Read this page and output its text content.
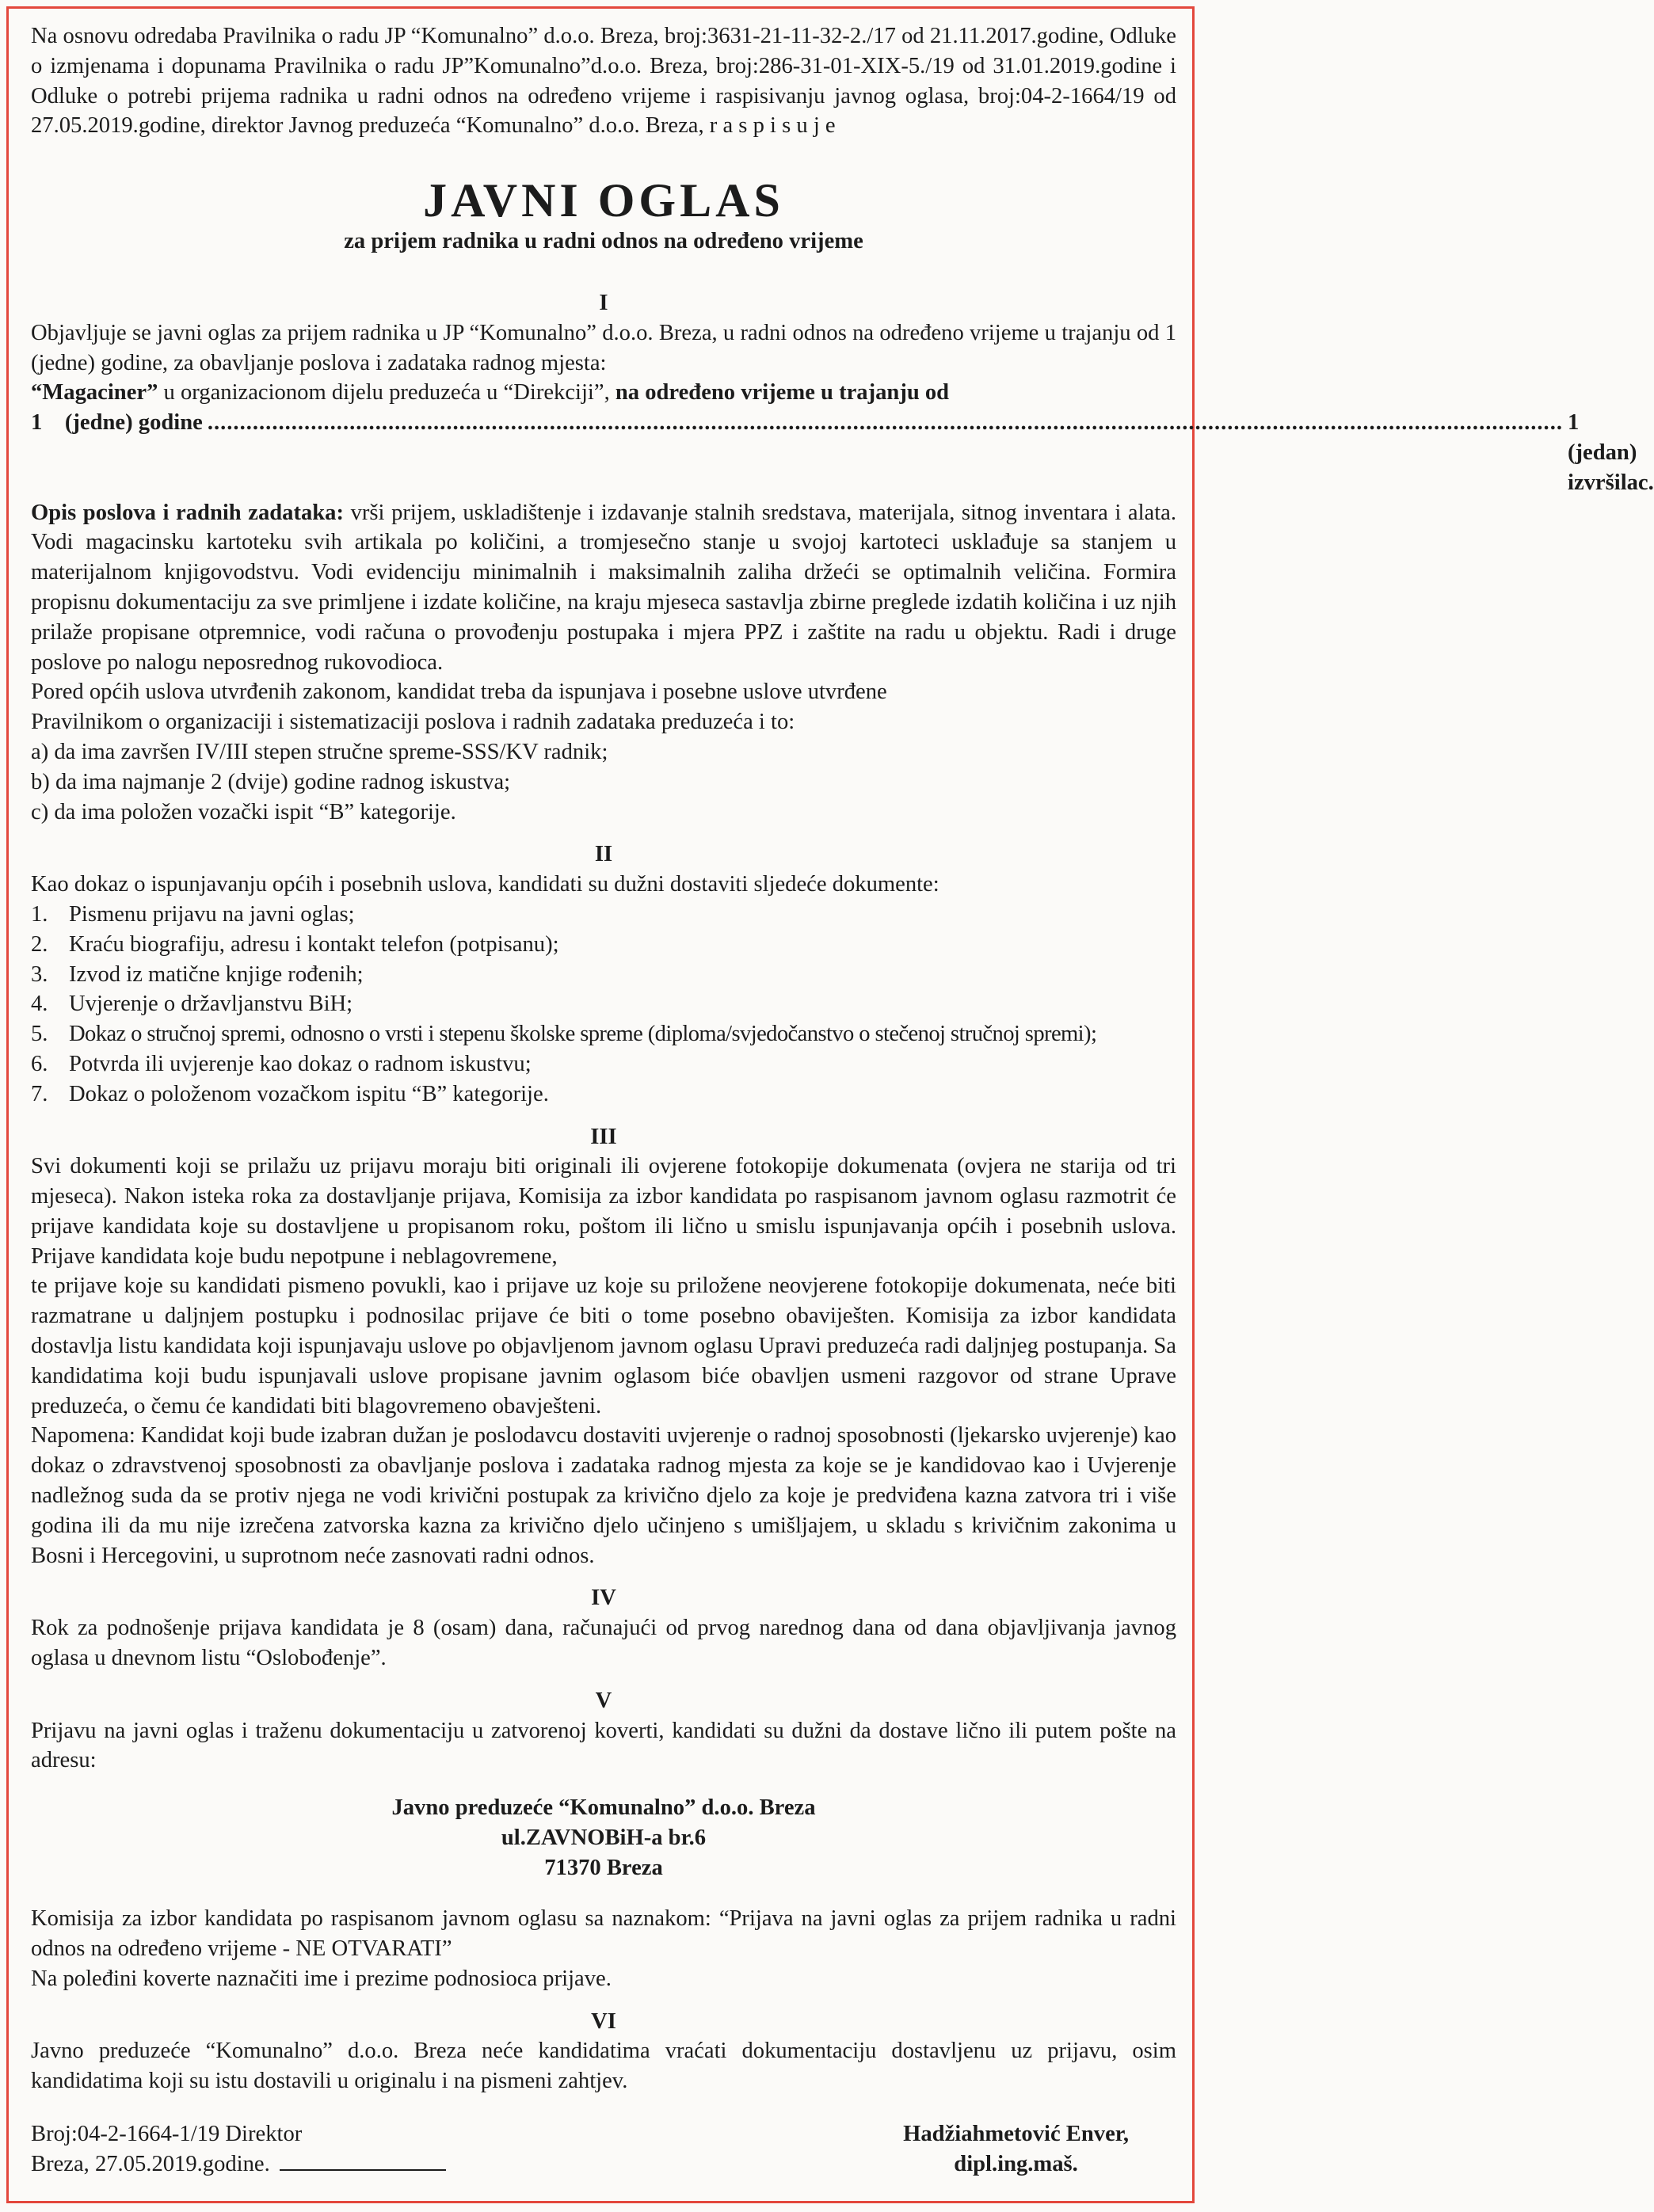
Na osnovu odredaba Pravilnika o radu JP “Komunalno” d.o.o. Breza, broj:3631-21-11-32-2./17 od 21.11.2017.godine, Odluke o izmjenama i dopunama Pravilnika o radu JP”Komunalno”d.o.o. Breza, broj:286-31-01-XIX-5./19 od 31.01.2019.godine i Odluke o potrebi prijema radnika u radni odnos na određeno vrijeme i raspisivanju javnog oglasa, broj:04-2-1664/19 od 27.05.2019.godine, direktor Javnog preduzeća “Komunalno” d.o.o. Breza, r a s p i s u j e

JAVNI OGLAS

za prijem radnika u radni odnos na određeno vrijeme

I

Objavljuje se javni oglas za prijem radnika u JP “Komunalno” d.o.o. Breza, u radni odnos na određeno vrijeme u trajanju od 1 (jedne) godine, za obavljanje poslova i zadataka radnog mjesta:

“Magaciner” u organizacionom dijelu preduzeća u “Direkciji”, na određeno vrijeme u trajanju od

1    (jedne) godine .................................................................................................................................................................................................................. 1 (jedan) izvršilac.

Opis poslova i radnih zadataka: vrši prijem, uskladištenje i izdavanje stalnih sredstava, materijala, sitnog inventara i alata. Vodi magacinsku kartoteku svih artikala po količini, a tromjesečno stanje u svojoj kartoteci usklađuje sa stanjem u materijalnom knjigovodstvu. Vodi evidenciju minimalnih i maksimalnih zaliha držeći se optimalnih veličina. Formira propisnu dokumentaciju za sve primljene i izdate količine, na kraju mjeseca sastavlja zbirne preglede izdatih količina i uz njih prilaže propisane otpremnice, vodi računa o provođenju postupaka i mjera PPZ i zaštite na radu u objektu. Radi i druge poslove po nalogu neposrednog rukovodioca.

Pored općih uslova utvrđenih zakonom, kandidat treba da ispunjava i posebne uslove utvrđene

Pravilnikom o organizaciji i sistematizaciji poslova i radnih zadataka preduzeća i to:

a) da ima završen IV/III stepen stručne spreme-SSS/KV radnik;

b) da ima najmanje 2 (dvije) godine radnog iskustva;

c) da ima položen vozački ispit “B” kategorije.

II

Kao dokaz o ispunjavanju općih i posebnih uslova, kandidati su dužni dostaviti sljedeće dokumente:

1. Pismenu prijavu na javni oglas;
2. Kraću biografiju, adresu i kontakt telefon (potpisanu);
3. Izvod iz matične knjige rođenih;
4. Uvjerenje o državljanstvu BiH;
5. Dokaz o stručnoj spremi, odnosno o vrsti i stepenu školske spreme (diploma/svjedočanstvo o stečenoj stručnoj spremi);
6. Potvrda ili uvjerenje kao dokaz o radnom iskustvu;
7. Dokaz o položenom vozačkom ispitu “B” kategorije.

III

Svi dokumenti koji se prilažu uz prijavu moraju biti originali ili ovjerene fotokopije dokumenata (ovjera ne starija od tri mjeseca). Nakon isteka roka za dostavljanje prijava, Komisija za izbor kandidata po raspisanom javnom oglasu razmotrit će prijave kandidata koje su dostavljene u propisanom roku, poštom ili lično u smislu ispunjavanja općih i posebnih uslova. Prijave kandidata koje budu nepotpune i neblagovremene,

te prijave koje su kandidati pismeno povukli, kao i prijave uz koje su priložene neovjerene fotokopije dokumenata, neće biti razmatrane u daljnjem postupku i podnosilac prijave će biti o tome posebno obaviješten. Komisija za izbor kandidata dostavlja listu kandidata koji ispunjavaju uslove po objavljenom javnom oglasu Upravi preduzeća radi daljnjeg postupanja. Sa kandidatima koji budu ispunjavali uslove propisane javnim oglasom biće obavljen usmeni razgovor od strane Uprave preduzeća, o čemu će kandidati biti blagovremeno obavješteni.

Napomena: Kandidat koji bude izabran dužan je poslodavcu dostaviti uvjerenje o radnoj sposobnosti (ljekarsko uvjerenje) kao dokaz o zdravstvenoj sposobnosti za obavljanje poslova i zadataka radnog mjesta za koje se je kandidovao kao i Uvjerenje nadležnog suda da se protiv njega ne vodi krivični postupak za krivično djelo za koje je predviđena kazna zatvora tri i više godina ili da mu nije izrečena zatvorska kazna za krivično djelo učinjeno s umišljajem, u skladu s krivičnim zakonima u Bosni i Hercegovini, u suprotnom neće zasnovati radni odnos.

IV

Rok za podnošenje prijava kandidata je 8 (osam) dana, računajući od prvog narednog dana od dana objavljivanja javnog oglasa u dnevnom listu “Oslobođenje”.

V

Prijavu na javni oglas i traženu dokumentaciju u zatvorenoj koverti, kandidati su dužni da dostave lično ili putem pošte na adresu:

Javno preduzeće “Komunalno” d.o.o. Breza
ul.ZAVNOBiH-a br.6
71370 Breza

Komisija za izbor kandidata po raspisanom javnom oglasu sa naznakom: “Prijava na javni oglas za prijem radnika u radni odnos na određeno vrijeme - NE OTVARATI”

Na poleđini koverte naznačiti ime i prezime podnosioca prijave.

VI

Javno preduzeće “Komunalno” d.o.o. Breza neće kandidatima vraćati dokumentaciju dostavljenu uz prijavu, osim kandidatima koji su istu dostavili u originalu i na pismeni zahtjev.

Broj:04-2-1664-1/19 Direktor
Breza, 27.05.2019.godine.
Hadžiahmetović Enver,
dipl.ing.maš.
